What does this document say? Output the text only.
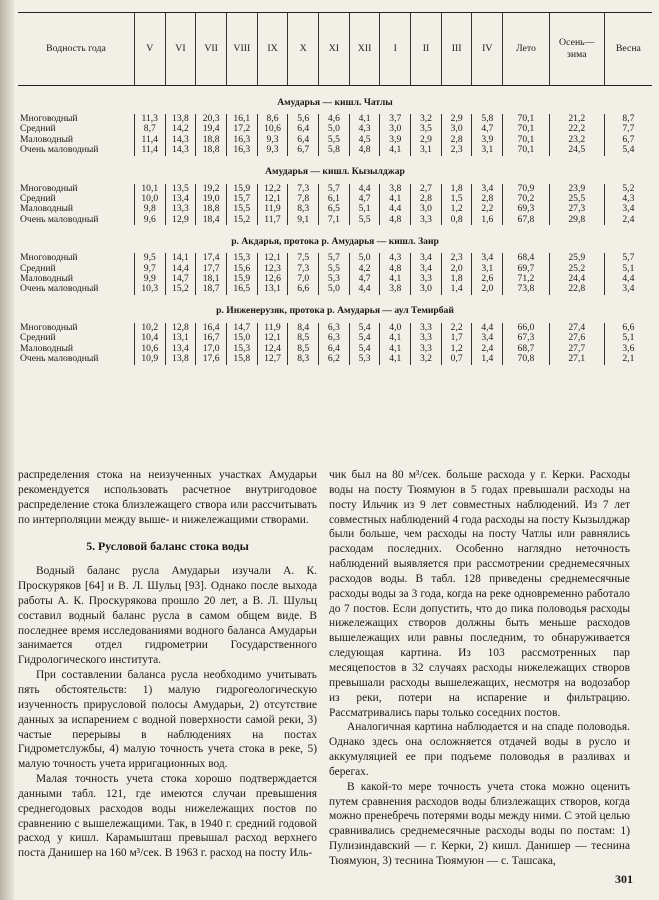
Водность года	V	VI	VII	VIII	IX	X	XI	XII	I	II	III	IV	Лето	Осень—зима	Весна
Амударья — кишл. Чатлы															
Многоводный	11,3	13,8	20,3	16,1	8,6	5,6	4,6	4,1	3,7	3,2	2,9	5,8	70,1	21,2	8,7
Средний	8,7	14,2	19,4	17,2	10,6	6,4	5,0	4,3	3,0	3,5	3,0	4,7	70,1	22,2	7,7
Маловодный	11,4	14,3	18,8	16,3	9,3	6,4	5,5	4,5	3,9	2,9	2,8	3,9	70,1	23,2	6,7
Очень маловодный	11,4	14,3	18,8	16,3	9,3	6,7	5,8	4,8	4,1	3,1	2,3	3,1	70,1	24,5	5,4
Амударья — кишл. Кызылджар															
Многоводный	10,1	13,5	19,2	15,9	12,2	7,3	5,7	4,4	3,8	2,7	1,8	3,4	70,9	23,9	5,2
Средний	10,0	13,4	19,0	15,7	12,1	7,8	6,1	4,7	4,1	2,8	1,5	2,8	70,2	25,5	4,3
Маловодный	9,8	13,3	18,8	15,5	11,9	8,3	6,5	5,1	4,4	3,0	1,2	2,2	69,3	27,3	3,4
Очень маловодный	9,6	12,9	18,4	15,2	11,7	9,1	7,1	5,5	4,8	3,3	0,8	1,6	67,8	29,8	2,4
р. Акдарья, протока р. Амударья — кишл. Заир															
Многоводный	9,5	14,1	17,4	15,3	12,1	7,5	5,7	5,0	4,3	3,4	2,3	3,4	68,4	25,9	5,7
Средний	9,7	14,4	17,7	15,6	12,3	7,3	5,5	4,2	4,8	3,4	2,0	3,1	69,7	25,2	5,1
Маловодный	9,9	14,7	18,1	15,9	12,6	7,0	5,3	4,7	4,1	3,3	1,8	2,6	71,2	24,4	4,4
Очень маловодный	10,3	15,2	18,7	16,5	13,1	6,6	5,0	4,4	3,8	3,0	1,4	2,0	73,8	22,8	3,4
р. Инженерузяк, протока р. Амударья — аул Темирбай															
Многоводный	10,2	12,8	16,4	14,7	11,9	8,4	6,3	5,4	4,0	3,3	2,2	4,4	66,0	27,4	6,6
Средний	10,4	13,1	16,7	15,0	12,1	8,5	6,3	5,4	4,1	3,3	1,7	3,4	67,3	27,6	5,1
Маловодный	10,6	13,4	17,0	15,3	12,4	8,5	6,4	5,4	4,1	3,3	1,2	2,4	68,7	27,7	3,6
Очень маловодный	10,9	13,8	17,6	15,8	12,7	8,3	6,2	5,3	4,1	3,2	0,7	1,4	70,8	27,1	2,1

распределения стока на неизученных участках Амударьи рекомендуется использовать расчетное внутригодовое распределение стока близлежащего створа или рассчитывать по интерполяции между выше- и нижележащими створами.

5. Русловой баланс стока воды

Водный баланс русла Амударьи изучали А. К. Проскуряков [64] и В. Л. Шульц [93]. Однако после выхода работы А. К. Проскурякова прошло 20 лет, а В. Л. Шульц составил водный баланс русла в самом общем виде. В последнее время исследованиями водного баланса Амударьи занимается отдел гидрометрии Государственного Гидрологического института.

При составлении баланса русла необходимо учитывать пять обстоятельств: 1) малую гидрогеологическую изученность прирусловой полосы Амударьи, 2) отсутствие данных за испарением с водной поверхности самой реки, 3) частые перерывы в наблюдениях на постах Гидрометслужбы, 4) малую точность учета стока в реке, 5) малую точность учета ирригационных вод.

Малая точность учета стока хорошо подтверждается данными табл. 121, где имеются случаи превышения среднегодовых расходов воды нижележащих постов по сравнению с вышележащими. Так, в 1940 г. средний годовой расход у кишл. Карамышташ превышал расход верхнего поста Данишер на 160 м³/сек. В 1963 г. расход на посту Иль-

чик был на 80 м³/сек. больше расхода у г. Керки. Расходы воды на посту Тюямуюн в 5 годах превышали расходы на посту Ильчик из 9 лет совместных наблюдений. Из 7 лет совместных наблюдений 4 года расходы на посту Кызылджар были больше, чем расходы на посту Чатлы или равнялись расходам последних. Особенно наглядно неточность наблюдений выявляется при рассмотрении среднемесячных расходов воды. В табл. 128 приведены среднемесячные расходы воды за 3 года, когда на реке одновременно работало до 7 постов. Если допустить, что до пика половодья расходы нижележащих створов должны быть меньше расходов вышележащих или равны последним, то обнаруживается следующая картина. Из 103 рассмотренных пар месяцепостов в 32 случаях расходы нижележащих створов превышали расходы вышележащих, несмотря на водозабор из реки, потери на испарение и фильтрацию. Рассматривались пары только соседних постов.

Аналогичная картина наблюдается и на спаде половодья. Однако здесь она осложняется отдачей воды в русло и аккумуляцией ее при подъеме половодья в разливах и берегах.

В какой-то мере точность учета стока можно оценить путем сравнения расходов воды близлежащих створов, когда можно пренебречь потерями воды между ними. С этой целью сравнивались среднемесячные расходы воды по постам: 1) Пулизиндавский — г. Керки, 2) кишл. Данишер — теснина Тюямуюн, 3) теснина Тюямуюн — с. Ташсака,

301
